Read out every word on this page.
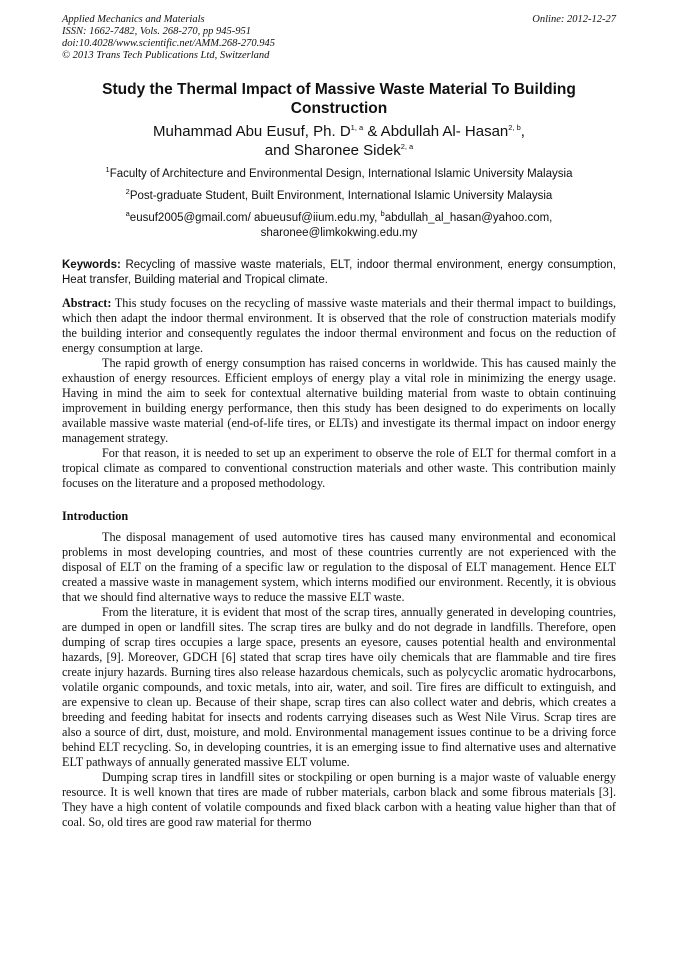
Applied Mechanics and Materials
ISSN: 1662-7482, Vols. 268-270, pp 945-951
doi:10.4028/www.scientific.net/AMM.268-270.945
© 2013 Trans Tech Publications Ltd, Switzerland
Online: 2012-12-27
Study the Thermal Impact of Massive Waste Material To Building Construction
Muhammad Abu Eusuf, Ph. D$^{1, a}$ & Abdullah Al- Hasan$^{2, b}$,
and Sharonee Sidek$^{2, a}$
$^1$Faculty of Architecture and Environmental Design, International Islamic University Malaysia
$^2$Post-graduate Student, Built Environment, International Islamic University Malaysia
$^a$eusuf2005@gmail.com/ abueusuf@iium.edu.my, $^b$abdullah_al_hasan@yahoo.com,
sharonee@limkokwing.edu.my
Keywords: Recycling of massive waste materials, ELT, indoor thermal environment, energy consumption, Heat transfer, Building material and Tropical climate.

Abstract: This study focuses on the recycling of massive waste materials and their thermal impact to buildings, which then adapt the indoor thermal environment. It is observed that the role of construction materials modify the building interior and consequently regulates the indoor thermal environment and focus on the reduction of energy consumption at large.

The rapid growth of energy consumption has raised concerns in worldwide. This has caused mainly the exhaustion of energy resources. Efficient employs of energy play a vital role in minimizing the energy usage. Having in mind the aim to seek for contextual alternative building material from waste to obtain continuing improvement in building energy performance, then this study has been designed to do experiments on locally available massive waste material (end-of-life tires, or ELTs) and investigate its thermal impact on indoor energy management strategy.

For that reason, it is needed to set up an experiment to observe the role of ELT for thermal comfort in a tropical climate as compared to conventional construction materials and other waste. This contribution mainly focuses on the literature and a proposed methodology.

Introduction

The disposal management of used automotive tires has caused many environmental and economical problems in most developing countries, and most of these countries currently are not experienced with the disposal of ELT on the framing of a specific law or regulation to the disposal of ELT management. Hence ELT created a massive waste in management system, which interns modified our environment. Recently, it is obvious that we should find alternative ways to reduce the massive ELT waste.

From the literature, it is evident that most of the scrap tires, annually generated in developing countries, are dumped in open or landfill sites. The scrap tires are bulky and do not degrade in landfills. Therefore, open dumping of scrap tires occupies a large space, presents an eyesore, causes potential health and environmental hazards, [9]. Moreover, GDCH [6] stated that scrap tires have oily chemicals that are flammable and tire fires create injury hazards. Burning tires also release hazardous chemicals, such as polycyclic aromatic hydrocarbons, volatile organic compounds, and toxic metals, into air, water, and soil. Tire fires are difficult to extinguish, and are expensive to clean up. Because of their shape, scrap tires can also collect water and debris, which creates a breeding and feeding habitat for insects and rodents carrying diseases such as West Nile Virus. Scrap tires are also a source of dirt, dust, moisture, and mold. Environmental management issues continue to be a driving force behind ELT recycling. So, in developing countries, it is an emerging issue to find alternative uses and alternative ELT pathways of annually generated massive ELT volume.

Dumping scrap tires in landfill sites or stockpiling or open burning is a major waste of valuable energy resource. It is well known that tires are made of rubber materials, carbon black and some fibrous materials [3]. They have a high content of volatile compounds and fixed black carbon with a heating value higher than that of coal. So, old tires are good raw material for thermo
